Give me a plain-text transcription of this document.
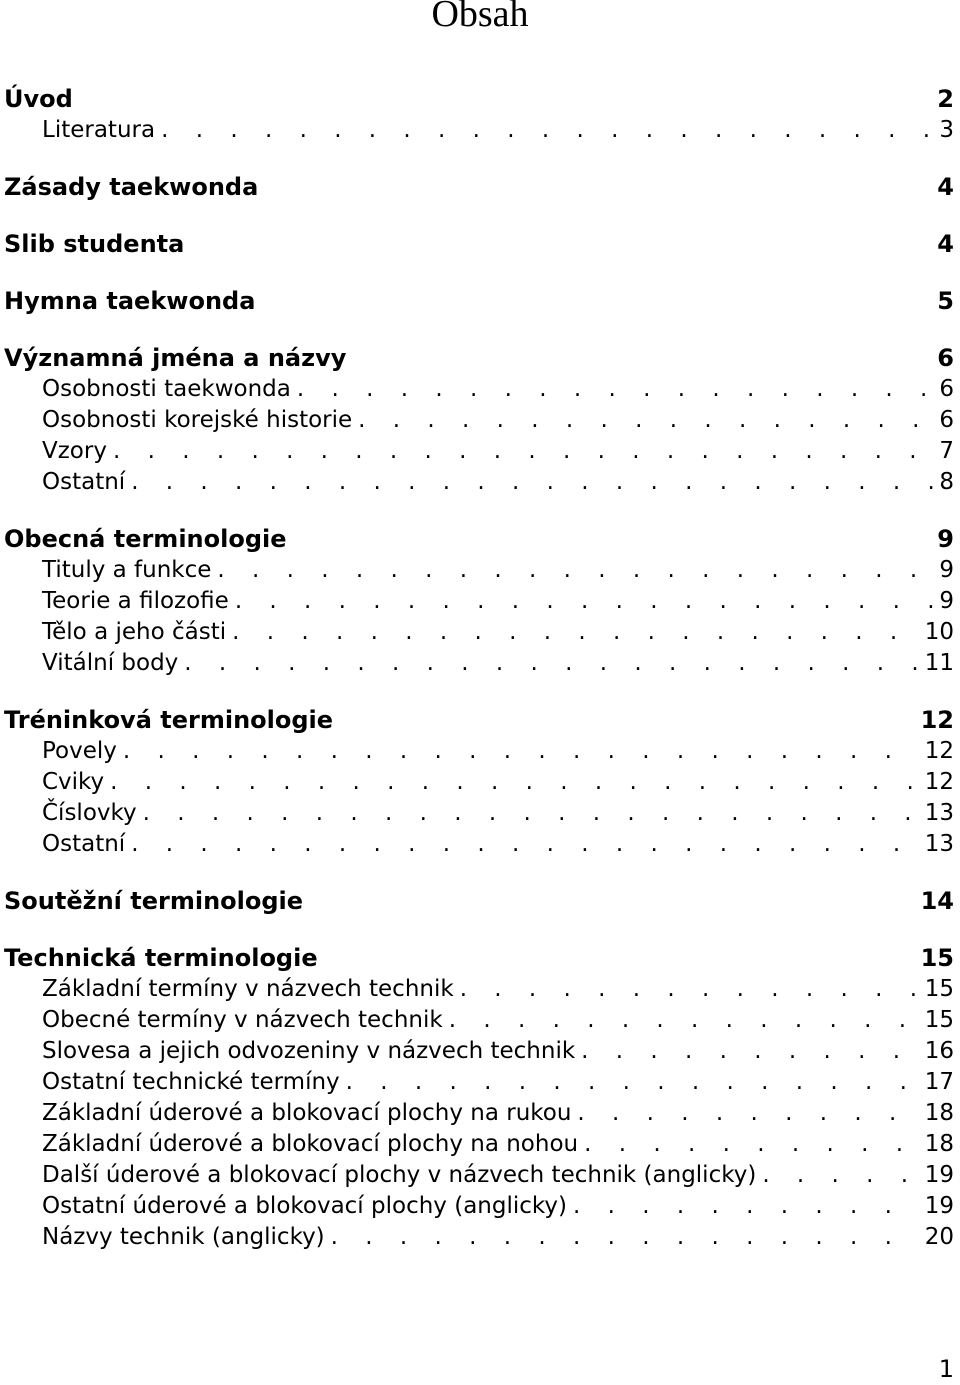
Obsah
Úvod	2
Literatura . . .	3
Zásady taekwonda	4
Slib studenta	4
Hymna taekwonda	5
Významná jména a názvy	6
Osobnosti taekwonda . . .	6
Osobnosti korejské historie . . .	6
Vzory . . .	7
Ostatní . . .	8
Obecná terminologie	9
Tituly a funkce . . .	9
Teorie a filozofie . . .	9
Tělo a jeho části . . .	10
Vitální body . . .	11
Tréninková terminologie	12
Povely . . .	12
Cviky . . .	12
Číslovky . . .	13
Ostatní . . .	13
Soutěžní terminologie	14
Technická terminologie	15
Základní termíny v názvech technik . . .	15
Obecné termíny v názvech technik . . .	15
Slovesa a jejich odvozeniny v názvech technik . . .	16
Ostatní technické termíny . . .	17
Základní úderové a blokovací plochy na rukou . . .	18
Základní úderové a blokovací plochy na nohou . . .	18
Další úderové a blokovací plochy v názvech technik (anglicky) . . .	19
Ostatní úderové a blokovací plochy (anglicky) . . .	19
Názvy technik (anglicky) . . .	20
1
